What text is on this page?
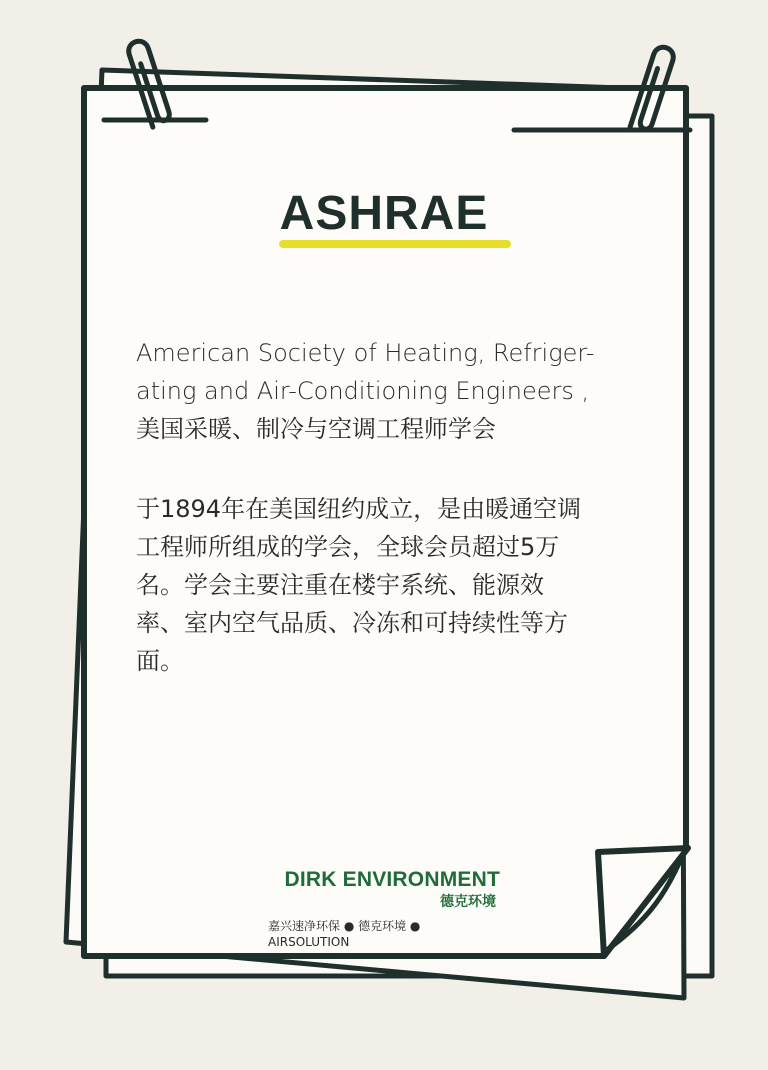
ASHRAE
American Society of Heating, Refriger-
ating and Air-Conditioning Engineers ,
美国采暖、制冷与空调工程师学会
于1894年在美国纽约成立，是由暖通空调
工程师所组成的学会，全球会员超过5万
名。学会主要注重在楼宇系统、能源效
率、室内空气品质、冷冻和可持续性等方
面。
DIRK ENVIRONMENT
德克环境
嘉兴速净环保 ● 德克环境 ● AIRSOLUTION
